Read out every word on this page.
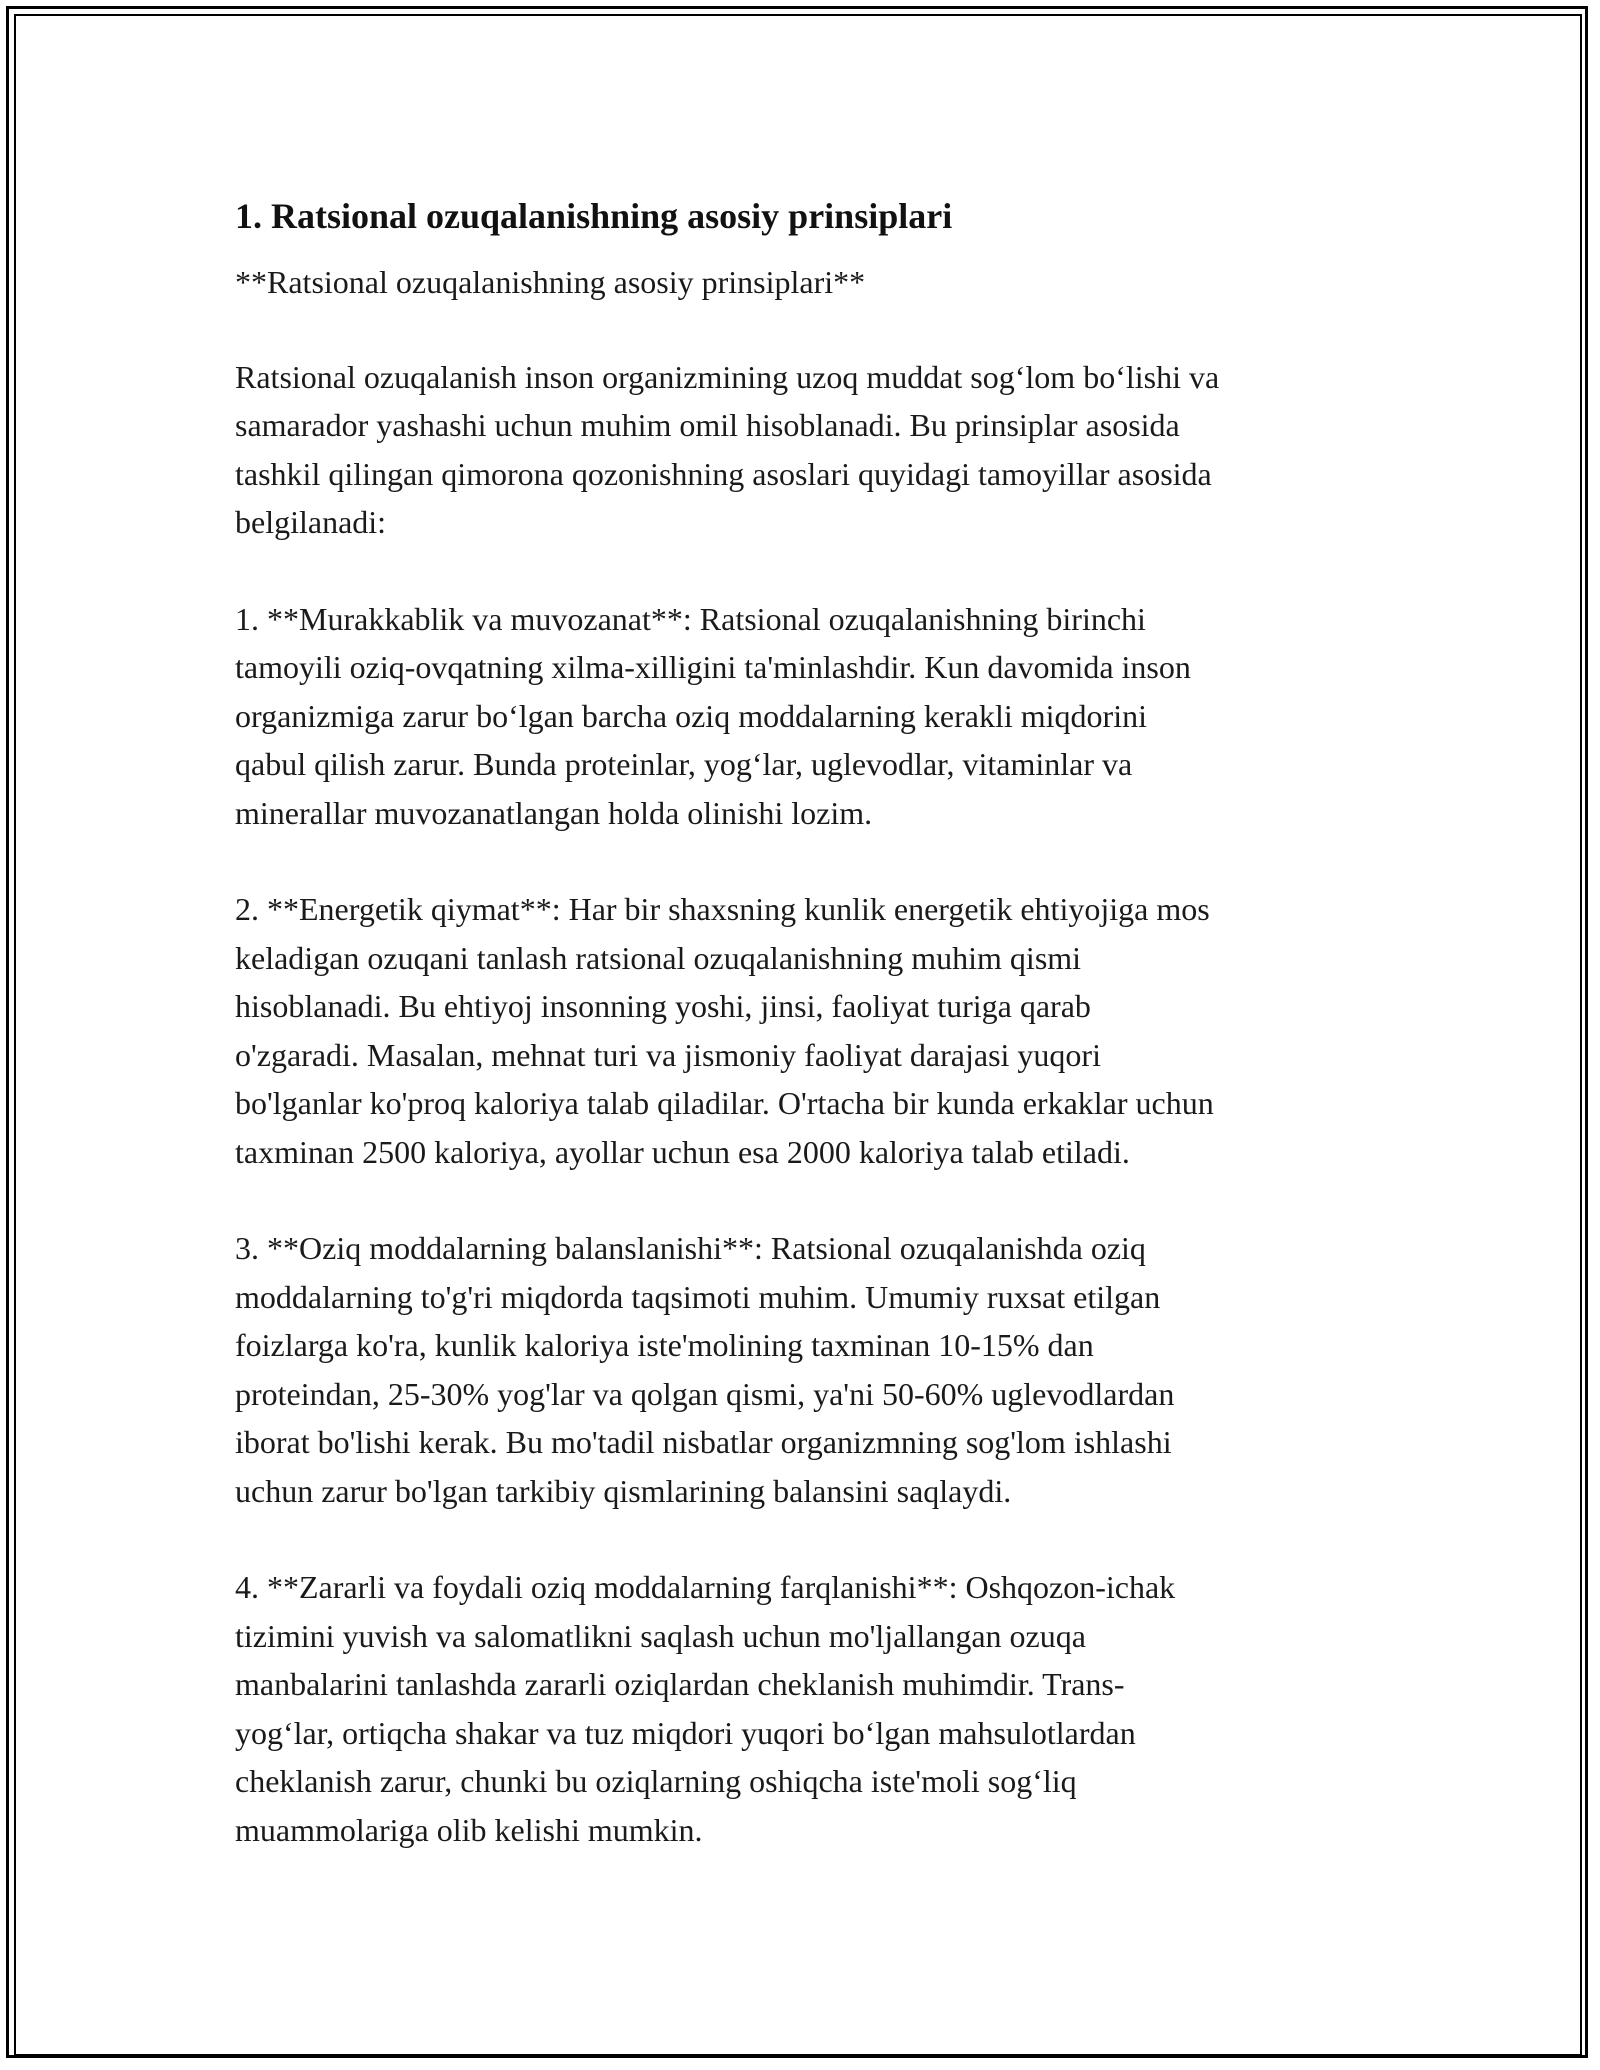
1. Ratsional ozuqalanishning asosiy prinsiplari

**Ratsional ozuqalanishning asosiy prinsiplari**

Ratsional ozuqalanish inson organizmining uzoq muddat sog‘lom bo‘lishi va
samarador yashashi uchun muhim omil hisoblanadi. Bu prinsiplar asosida
tashkil qilingan qimorona qozonishning asoslari quyidagi tamoyillar asosida
belgilanadi:

1. **Murakkablik va muvozanat**: Ratsional ozuqalanishning birinchi
tamoyili oziq-ovqatning xilma-xilligini ta'minlashdir. Kun davomida inson
organizmiga zarur bo‘lgan barcha oziq moddalarning kerakli miqdorini
qabul qilish zarur. Bunda proteinlar, yog‘lar, uglevodlar, vitaminlar va
minerallar muvozanatlangan holda olinishi lozim.

2. **Energetik qiymat**: Har bir shaxsning kunlik energetik ehtiyojiga mos
keladigan ozuqani tanlash ratsional ozuqalanishning muhim qismi
hisoblanadi. Bu ehtiyoj insonning yoshi, jinsi, faoliyat turiga qarab
o'zgaradi. Masalan, mehnat turi va jismoniy faoliyat darajasi yuqori
bo'lganlar ko'proq kaloriya talab qiladilar. O'rtacha bir kunda erkaklar uchun
taxminan 2500 kaloriya, ayollar uchun esa 2000 kaloriya talab etiladi.

3. **Oziq moddalarning balanslanishi**: Ratsional ozuqalanishda oziq
moddalarning to'g'ri miqdorda taqsimoti muhim. Umumiy ruxsat etilgan
foizlarga ko'ra, kunlik kaloriya iste'molining taxminan 10-15% dan
proteindan, 25-30% yog'lar va qolgan qismi, ya'ni 50-60% uglevodlardan
iborat bo'lishi kerak. Bu mo'tadil nisbatlar organizmning sog'lom ishlashi
uchun zarur bo'lgan tarkibiy qismlarining balansini saqlaydi.

4. **Zararli va foydali oziq moddalarning farqlanishi**: Oshqozon-ichak
tizimini yuvish va salomatlikni saqlash uchun mo'ljallangan ozuqa
manbalarini tanlashda zararli oziqlardan cheklanish muhimdir. Trans-
yog‘lar, ortiqcha shakar va tuz miqdori yuqori bo‘lgan mahsulotlardan
cheklanish zarur, chunki bu oziqlarning oshiqcha iste'moli sog‘liq
muammolariga olib kelishi mumkin.
